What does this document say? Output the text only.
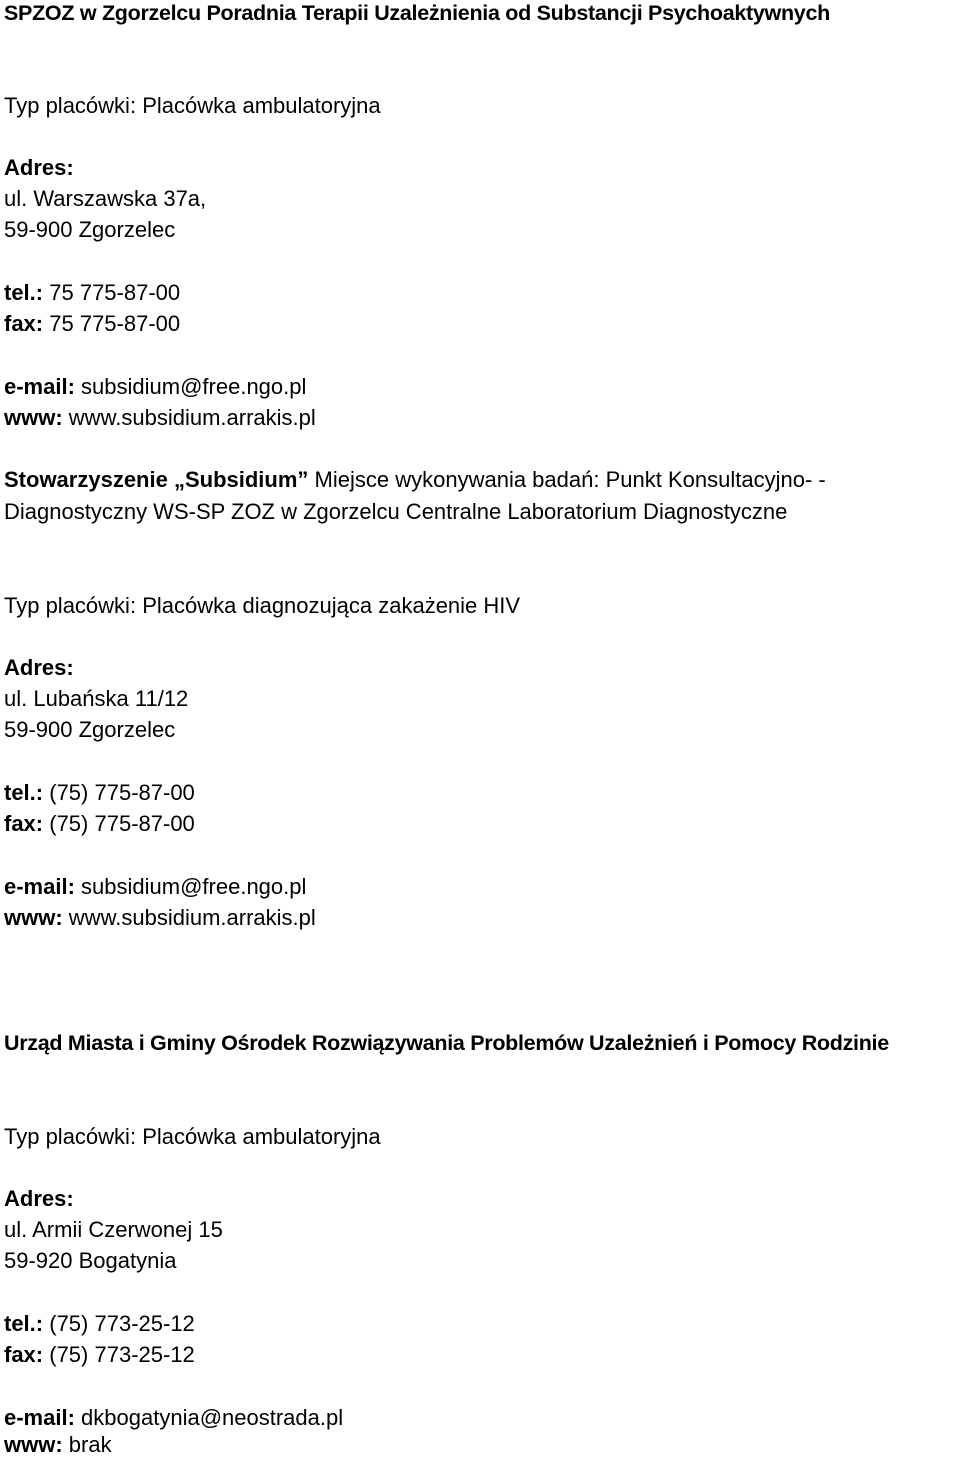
SPZOZ w Zgorzelcu Poradnia Terapii Uzależnienia od Substancji Psychoaktywnych
Typ placówki: Placówka ambulatoryjna
Adres:
ul. Warszawska 37a,
59-900 Zgorzelec
tel.: 75 775-87-00
fax: 75 775-87-00
e-mail: subsidium@free.ngo.pl
www: www.subsidium.arrakis.pl
Stowarzyszenie „Subsidium” Miejsce wykonywania badań: Punkt Konsultacyjno- -
Diagnostyczny WS-SP ZOZ w Zgorzelcu Centralne Laboratorium Diagnostyczne
Typ placówki: Placówka diagnozująca zakażenie HIV
Adres:
ul. Lubańska 11/12
59-900 Zgorzelec
tel.: (75) 775-87-00
fax: (75) 775-87-00
e-mail: subsidium@free.ngo.pl
www: www.subsidium.arrakis.pl
Urząd Miasta i Gminy Ośrodek Rozwiązywania Problemów Uzależnień i Pomocy Rodzinie
Typ placówki: Placówka ambulatoryjna
Adres:
ul. Armii Czerwonej 15
59-920 Bogatynia
tel.: (75) 773-25-12
fax: (75) 773-25-12
e-mail: dkbogatynia@neostrada.pl
www: brak
